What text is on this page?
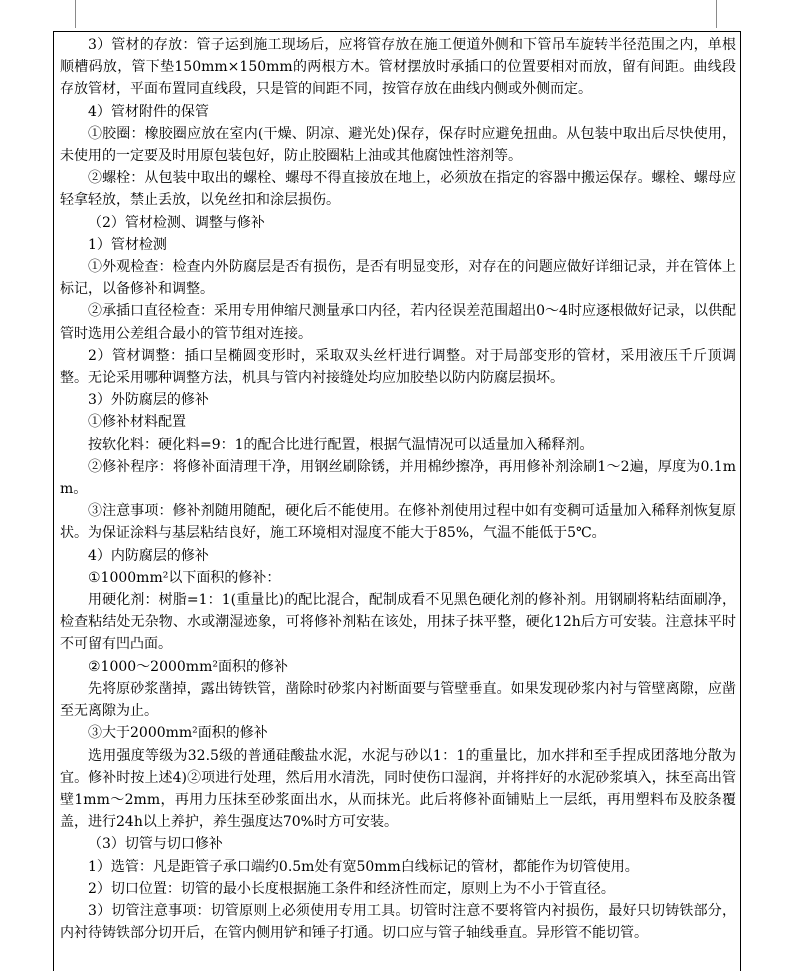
3）管材的存放：管子运到施工现场后，应将管存放在施工便道外侧和下管吊车旋转半径范围之内，单根顺槽码放，管下垫150mm×150mm的两根方木。管材摆放时承插口的位置要相对而放，留有间距。曲线段存放管材，平面布置同直线段，只是管的间距不同，按管存放在曲线内侧或外侧而定。

4）管材附件的保管

①胶圈：橡胶圈应放在室内(干燥、阴凉、避光处)保存，保存时应避免扭曲。从包装中取出后尽快使用，未使用的一定要及时用原包装包好，防止胶圈粘上油或其他腐蚀性溶剂等。

②螺栓：从包装中取出的螺栓、螺母不得直接放在地上，必须放在指定的容器中搬运保存。螺栓、螺母应轻拿轻放，禁止丢放，以免丝扣和涂层损伤。

（2）管材检测、调整与修补

1）管材检测

①外观检查：检查内外防腐层是否有损伤，是否有明显变形，对存在的问题应做好详细记录，并在管体上标记，以备修补和调整。

②承插口直径检查：采用专用伸缩尺测量承口内径，若内径误差范围超出0～4时应逐根做好记录，以供配管时选用公差组合最小的管节组对连接。

2）管材调整：插口呈椭圆变形时，采取双头丝杆进行调整。对于局部变形的管材，采用液压千斤顶调整。无论采用哪种调整方法，机具与管内衬接缝处均应加胶垫以防内防腐层损坏。

3）外防腐层的修补

①修补材料配置

按软化料：硬化料=9：1的配合比进行配置，根据气温情况可以适量加入稀释剂。

②修补程序：将修补面清理干净，用钢丝刷除锈，并用棉纱擦净，再用修补剂涂刷1～2遍，厚度为0.1mm。

③注意事项：修补剂随用随配，硬化后不能使用。在修补剂使用过程中如有变稠可适量加入稀释剂恢复原状。为保证涂料与基层粘结良好，施工环境相对湿度不能大于85%，气温不能低于5℃。

4）内防腐层的修补

①1000mm²以下面积的修补：

用硬化剂：树脂=1：1(重量比)的配比混合，配制成看不见黑色硬化剂的修补剂。用钢刷将粘结面刷净，检查粘结处无杂物、水或潮湿迹象，可将修补剂粘在该处，用抹子抹平整，硬化12h后方可安装。注意抹平时不可留有凹凸面。

②1000～2000mm²面积的修补

先将原砂浆凿掉，露出铸铁管，凿除时砂浆内衬断面要与管壁垂直。如果发现砂浆内衬与管壁离隙，应凿至无离隙为止。

③大于2000mm²面积的修补

选用强度等级为32.5级的普通硅酸盐水泥，水泥与砂以1：1的重量比，加水拌和至手捏成团落地分散为宜。修补时按上述4)②项进行处理，然后用水清洗，同时使伤口湿润，并将拌好的水泥砂浆填入，抹至高出管壁1mm～2mm，再用力压抹至砂浆面出水，从而抹光。此后将修补面铺贴上一层纸，再用塑料布及胶条覆盖，进行24h以上养护，养生强度达70%时方可安装。

（3）切管与切口修补

1）选管：凡是距管子承口端约0.5m处有宽50mm白线标记的管材，都能作为切管使用。

2）切口位置：切管的最小长度根据施工条件和经济性而定，原则上为不小于管直径。

3）切管注意事项：切管原则上必须使用专用工具。切管时注意不要将管内衬损伤，最好只切铸铁部分，内衬待铸铁部分切开后，在管内侧用铲和锤子打通。切口应与管子轴线垂直。异形管不能切管。
